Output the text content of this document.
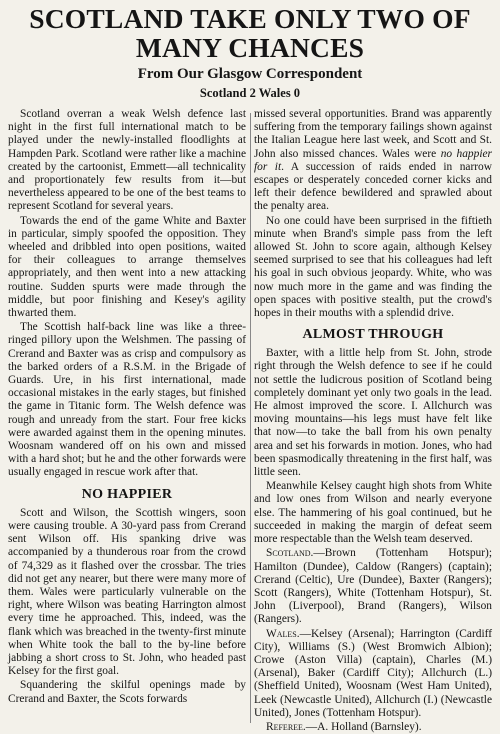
SCOTLAND TAKE ONLY TWO OF
MANY CHANCES
From Our Glasgow Correspondent
Scotland 2 Wales 0

Scotland overran a weak Welsh defence last night in the first full international match to be played under the newly-installed floodlights at Hampden Park. Scotland were rather like a machine created by the cartoonist, Emmett—all technicality and proportionately few results from it—but nevertheless appeared to be one of the best teams to represent Scotland for several years.

Towards the end of the game White and Baxter in particular, simply spoofed the opposition. They wheeled and dribbled into open positions, waited for their colleagues to arrange themselves appropriately, and then went into a new attacking routine. Sudden spurts were made through the middle, but poor finishing and Kesey's agility thwarted them.

The Scottish half-back line was like a three-ringed pillory upon the Welshmen. The passing of Crerand and Baxter was as crisp and compulsory as the barked orders of a R.S.M. in the Brigade of Guards. Ure, in his first international, made occasional mistakes in the early stages, but finished the game in Titanic form. The Welsh defence was rough and unready from the start. Four free kicks were awarded against them in the opening minutes. Woosnam wandered off on his own and missed with a hard shot; but he and the other forwards were usually engaged in rescue work after that.

NO HAPPIER

Scott and Wilson, the Scottish wingers, soon were causing trouble. A 30-yard pass from Crerand sent Wilson off. His spanking drive was accompanied by a thunderous roar from the crowd of 74,329 as it flashed over the crossbar. The tries did not get any nearer, but there were many more of them. Wales were particularly vulnerable on the right, where Wilson was beating Harrington almost every time he approached. This, indeed, was the flank which was breached in the twenty-first minute when White took the ball to the by-line before jabbing a short cross to St. John, who headed past Kelsey for the first goal.

Squandering the skilful openings made by Crerand and Baxter, the Scots forwards

missed several opportunities. Brand was apparently suffering from the temporary failings shown against the Italian League here last week, and Scott and St. John also missed chances. Wales were no happier for it. A succession of raids ended in narrow escapes or desperately conceded corner kicks and left their defence bewildered and sprawled about the penalty area.

No one could have been surprised in the fiftieth minute when Brand's simple pass from the left allowed St. John to score again, although Kelsey seemed surprised to see that his colleagues had left his goal in such obvious jeopardy. White, who was now much more in the game and was finding the open spaces with positive stealth, put the crowd's hopes in their mouths with a splendid drive.

ALMOST THROUGH

Baxter, with a little help from St. John, strode right through the Welsh defence to see if he could not settle the ludicrous position of Scotland being completely dominant yet only two goals in the lead. He almost improved the score. I. Allchurch was moving mountains—his legs must have felt like that now—to take the ball from his own penalty area and set his forwards in motion. Jones, who had been spasmodically threatening in the first half, was little seen.

Meanwhile Kelsey caught high shots from White and low ones from Wilson and nearly everyone else. The hammering of his goal continued, but he succeeded in making the margin of defeat seem more respectable than the Welsh team deserved.

Scotland.—Brown (Tottenham Hotspur); Hamilton (Dundee), Caldow (Rangers) (captain); Crerand (Celtic), Ure (Dundee), Baxter (Rangers); Scott (Rangers), White (Tottenham Hotspur), St. John (Liverpool), Brand (Rangers), Wilson (Rangers).

Wales.—Kelsey (Arsenal); Harrington (Cardiff City), Williams (S.) (West Bromwich Albion); Crowe (Aston Villa) (captain), Charles (M.) (Arsenal), Baker (Cardiff City); Allchurch (L.) (Sheffield United), Woosnam (West Ham United), Leek (Newcastle United), Allchurch (I.) (Newcastle United), Jones (Tottenham Hotspur).

Referee.—A. Holland (Barnsley).
